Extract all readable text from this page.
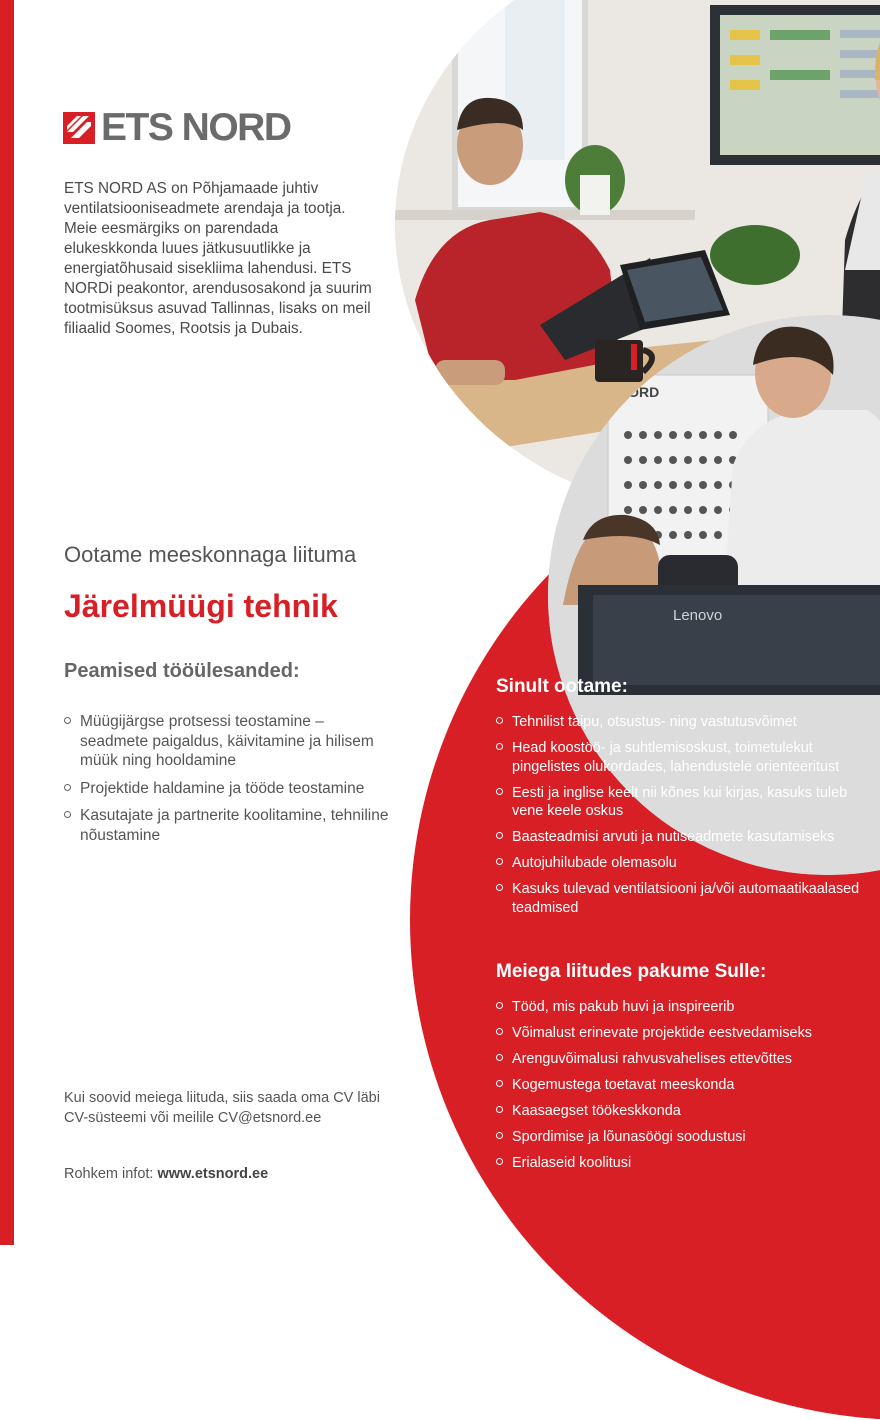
NORD
Lenovo
ETS NORD

ETS NORD AS on Põhjamaade juhtiv ventilatsiooniseadmete arendaja ja tootja. Meie eesmärgiks on parendada elukeskkonda luues jätkusuutlikke ja energiatõhusaid sisekliima lahendusi. ETS NORDi peakontor, arendusosakond ja suurim tootmisüksus asuvad Tallinnas, lisaks on meil filiaalid Soomes, Rootsis ja Dubais.

Ootame meeskonnaga liituma
Järelmüügi tehnik
Peamised tööülesanded:
Müügijärgse protsessi teostamine – seadmete paigaldus, käivitamine ja hilisem müük ning hooldamine
Projektide haldamine ja tööde teostamine
Kasutajate ja partnerite koolitamine, tehniline nõustamine

Kui soovid meiega liituda, siis saada oma CV läbi CV-süsteemi või meilile CV@etsnord.ee

Rohkem infot: www.etsnord.ee
Sinult ootame:
Tehnilist taipu, otsustus- ning vastutusvõimet
Head koostöö- ja suhtlemisoskust, toimetulekut pingelistes olukordades, lahendustele orienteeritust
Eesti ja inglise keelt nii kõnes kui kirjas, kasuks tuleb vene keele oskus
Baasteadmisi arvuti ja nutiseadmete kasutamiseks
Autojuhilubade olemasolu
Kasuks tulevad ventilatsiooni ja/või automaatikaalased teadmised
Meiega liitudes pakume Sulle:
Tööd, mis pakub huvi ja inspireerib
Võimalust erinevate projektide eestvedamiseks
Arenguvõimalusi rahvusvahelises ettevõttes
Kogemustega toetavat meeskonda
Kaasaegset töökeskkonda
Spordimise ja lõunasöögi soodustusi
Erialaseid koolitusi
